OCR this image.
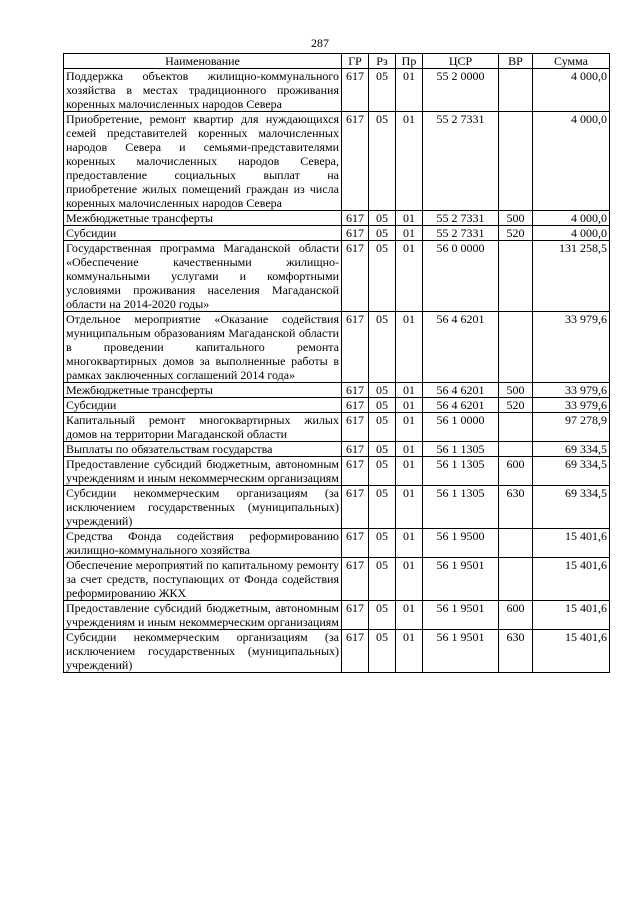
287
Наименование	ГР	Рз	Пр	ЦСР	ВР	Сумма
Поддержка объектов жилищно-коммунального хозяйства в местах традиционного проживания коренных малочисленных народов Севера	617	05	01	55 2 0000		4 000,0
Приобретение, ремонт квартир для нуждающихся семей представителей коренных малочисленных народов Севера и семьями-представителями коренных малочисленных народов Севера, предоставление социальных выплат на приобретение жилых помещений граждан из числа коренных малочисленных народов Севера	617	05	01	55 2 7331		4 000,0
Межбюджетные трансферты	617	05	01	55 2 7331	500	4 000,0
Субсидии	617	05	01	55 2 7331	520	4 000,0
Государственная программа Магаданской области «Обеспечение качественными жилищно-коммунальными услугами и комфортными условиями проживания населения Магаданской области на 2014-2020 годы»	617	05	01	56 0 0000		131 258,5
Отдельное мероприятие «Оказание содействия муниципальным образованиям Магаданской области в проведении капитального ремонта многоквартирных домов за выполненные работы в рамках заключенных соглашений 2014 года»	617	05	01	56 4 6201		33 979,6
Межбюджетные трансферты	617	05	01	56 4 6201	500	33 979,6
Субсидии	617	05	01	56 4 6201	520	33 979,6
Капитальный ремонт многоквартирных жилых домов на территории Магаданской области	617	05	01	56 1 0000		97 278,9
Выплаты по обязательствам государства	617	05	01	56 1 1305		69 334,5
Предоставление субсидий бюджетным, автономным учреждениям и иным некоммерческим организациям	617	05	01	56 1 1305	600	69 334,5
Субсидии некоммерческим организациям (за исключением государственных (муниципальных) учреждений)	617	05	01	56 1 1305	630	69 334,5
Средства Фонда содействия реформированию жилищно-коммунального хозяйства	617	05	01	56 1 9500		15 401,6
Обеспечение мероприятий по капитальному ремонту за счет средств, поступающих от Фонда содействия реформированию ЖКХ	617	05	01	56 1 9501		15 401,6
Предоставление субсидий бюджетным, автономным учреждениям и иным некоммерческим организациям	617	05	01	56 1 9501	600	15 401,6
Субсидии некоммерческим организациям (за исключением государственных (муниципальных) учреждений)	617	05	01	56 1 9501	630	15 401,6
